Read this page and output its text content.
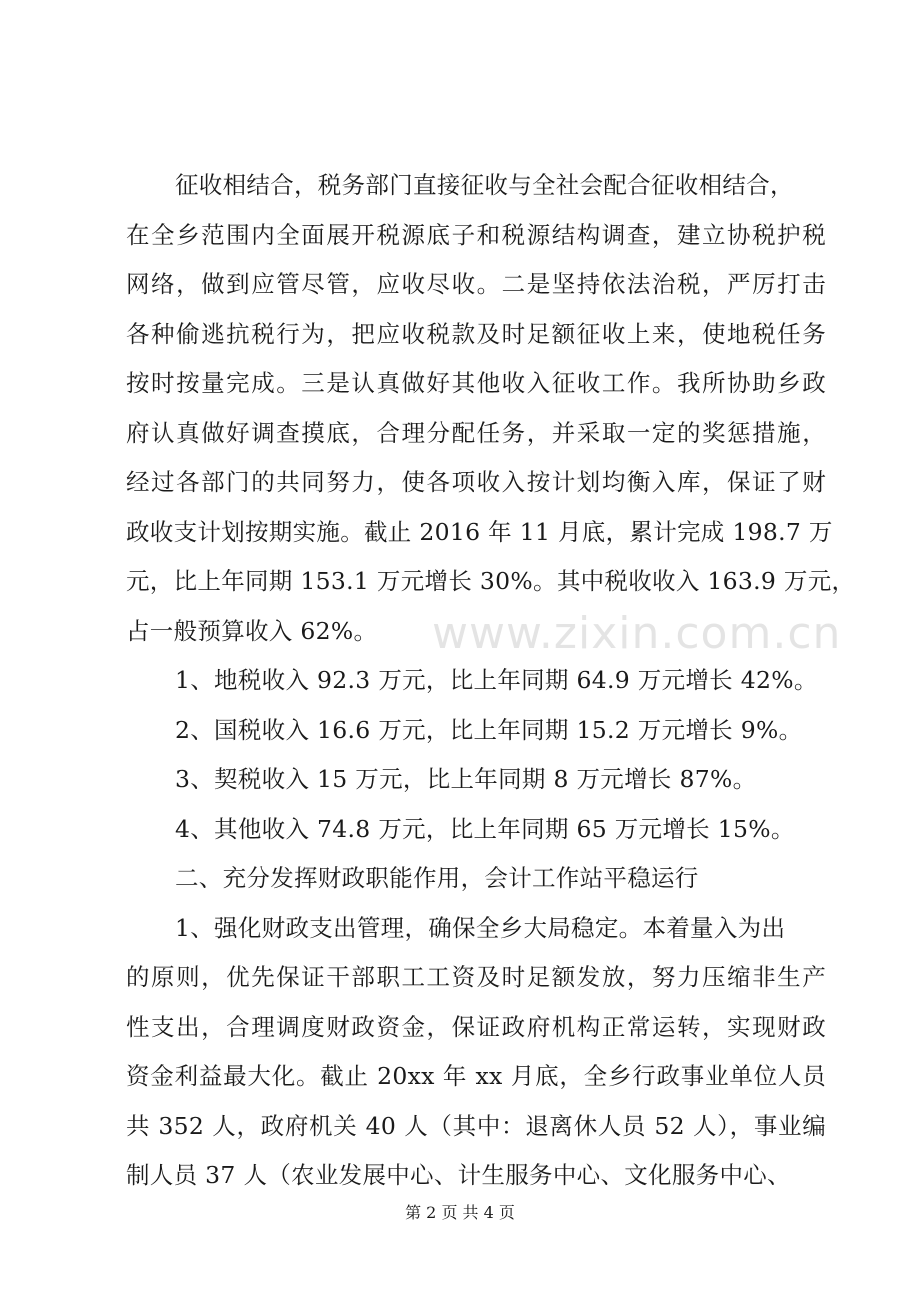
征收相结合，税务部门直接征收与全社会配合征收相结合，
在全乡范围内全面展开税源底子和税源结构调查，建立协税护税
网络，做到应管尽管，应收尽收。二是坚持依法治税，严厉打击
各种偷逃抗税行为，把应收税款及时足额征收上来，使地税任务
按时按量完成。三是认真做好其他收入征收工作。我所协助乡政
府认真做好调查摸底，合理分配任务，并采取一定的奖惩措施，
经过各部门的共同努力，使各项收入按计划均衡入库，保证了财
政收支计划按期实施。截止 2016 年 11 月底，累计完成 198.7 万
元，比上年同期 153.1 万元增长 30%。其中税收收入 163.9 万元，
占一般预算收入 62%。
1、地税收入 92.3 万元，比上年同期 64.9 万元增长 42%。
2、国税收入 16.6 万元，比上年同期 15.2 万元增长 9%。
3、契税收入 15 万元，比上年同期 8 万元增长 87%。
4、其他收入 74.8 万元，比上年同期 65 万元增长 15%。
二、充分发挥财政职能作用，会计工作站平稳运行
1、强化财政支出管理，确保全乡大局稳定。本着量入为出
的原则，优先保证干部职工工资及时足额发放，努力压缩非生产
性支出，合理调度财政资金，保证政府机构正常运转，实现财政
资金利益最大化。截止 20xx 年 xx 月底，全乡行政事业单位人员
共 352 人，政府机关 40 人（其中：退离休人员 52 人），事业编
制人员 37 人（农业发展中心、计生服务中心、文化服务中心、
www.zixin.com.cn
第 2 页 共 4 页
